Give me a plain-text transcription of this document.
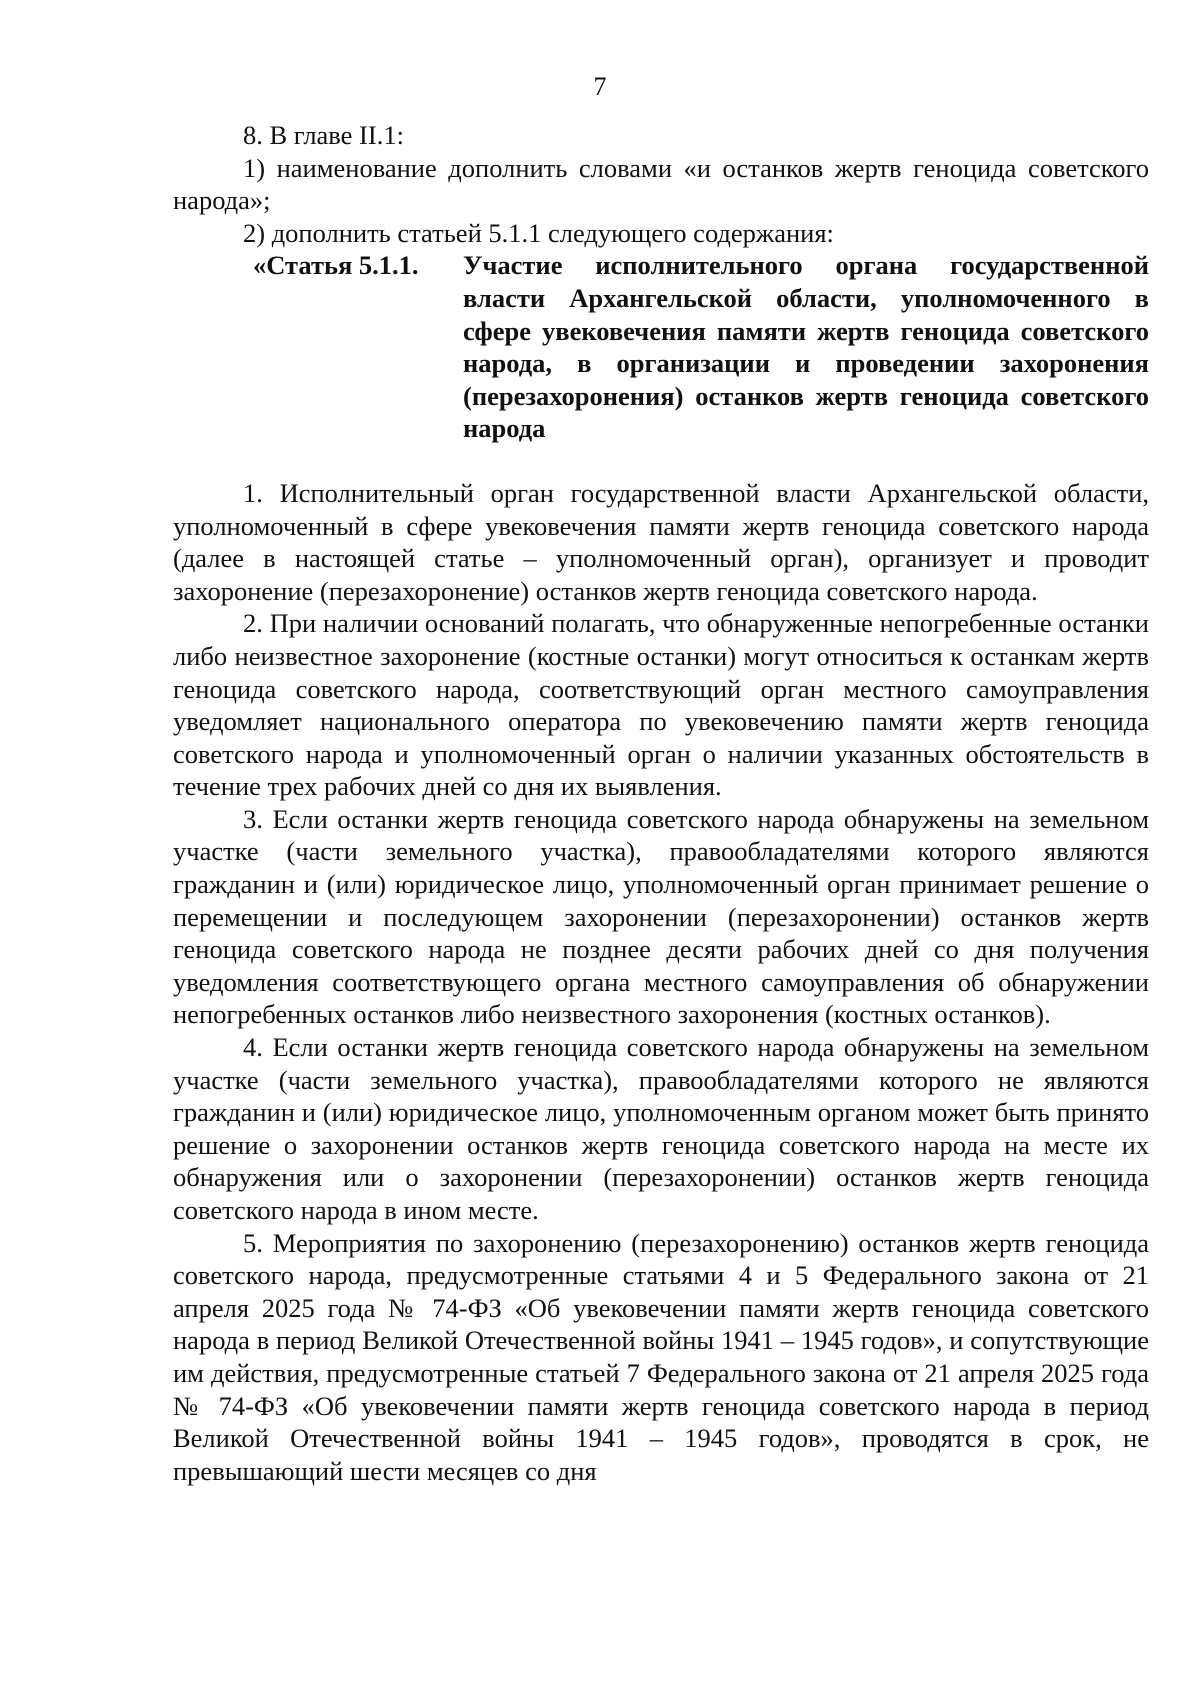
7

8. В главе II.1:

1) наименование дополнить словами «и останков жертв геноцида советского народа»;

2) дополнить статьей 5.1.1 следующего содержания:

«Статья 5.1.1.	Участие исполнительного органа государственной власти Архангельской области, уполномоченного в сфере увековечения памяти жертв геноцида советского народа, в организации и проведении захоронения (перезахоронения) останков жертв геноцида советского народа

1. Исполнительный орган государственной власти Архангельской области, уполномоченный в сфере увековечения памяти жертв геноцида советского народа (далее в настоящей статье – уполномоченный орган), организует и проводит захоронение (перезахоронение) останков жертв геноцида советского народа.

2. При наличии оснований полагать, что обнаруженные непогребенные останки либо неизвестное захоронение (костные останки) могут относиться к останкам жертв геноцида советского народа, соответствующий орган местного самоуправления уведомляет национального оператора по увековечению памяти жертв геноцида советского народа и уполномоченный орган о наличии указанных обстоятельств в течение трех рабочих дней со дня их выявления.

3. Если останки жертв геноцида советского народа обнаружены на земельном участке (части земельного участка), правообладателями которого являются гражданин и (или) юридическое лицо, уполномоченный орган принимает решение о перемещении и последующем захоронении (перезахоронении) останков жертв геноцида советского народа не позднее десяти рабочих дней со дня получения уведомления соответствующего органа местного самоуправления об обнаружении непогребенных останков либо неизвестного захоронения (костных останков).

4. Если останки жертв геноцида советского народа обнаружены на земельном участке (части земельного участка), правообладателями которого не являются гражданин и (или) юридическое лицо, уполномоченным органом может быть принято решение о захоронении останков жертв геноцида советского народа на месте их обнаружения или о захоронении (перезахоронении) останков жертв геноцида советского народа в ином месте.

5. Мероприятия по захоронению (перезахоронению) останков жертв геноцида советского народа, предусмотренные статьями 4 и 5 Федерального закона от 21 апреля 2025 года № 74-ФЗ «Об увековечении памяти жертв геноцида советского народа в период Великой Отечественной войны 1941 – 1945 годов», и сопутствующие им действия, предусмотренные статьей 7 Федерального закона от 21 апреля 2025 года № 74-ФЗ «Об увековечении памяти жертв геноцида советского народа в период Великой Отечественной войны 1941 – 1945 годов», проводятся в срок, не превышающий шести месяцев со дня
